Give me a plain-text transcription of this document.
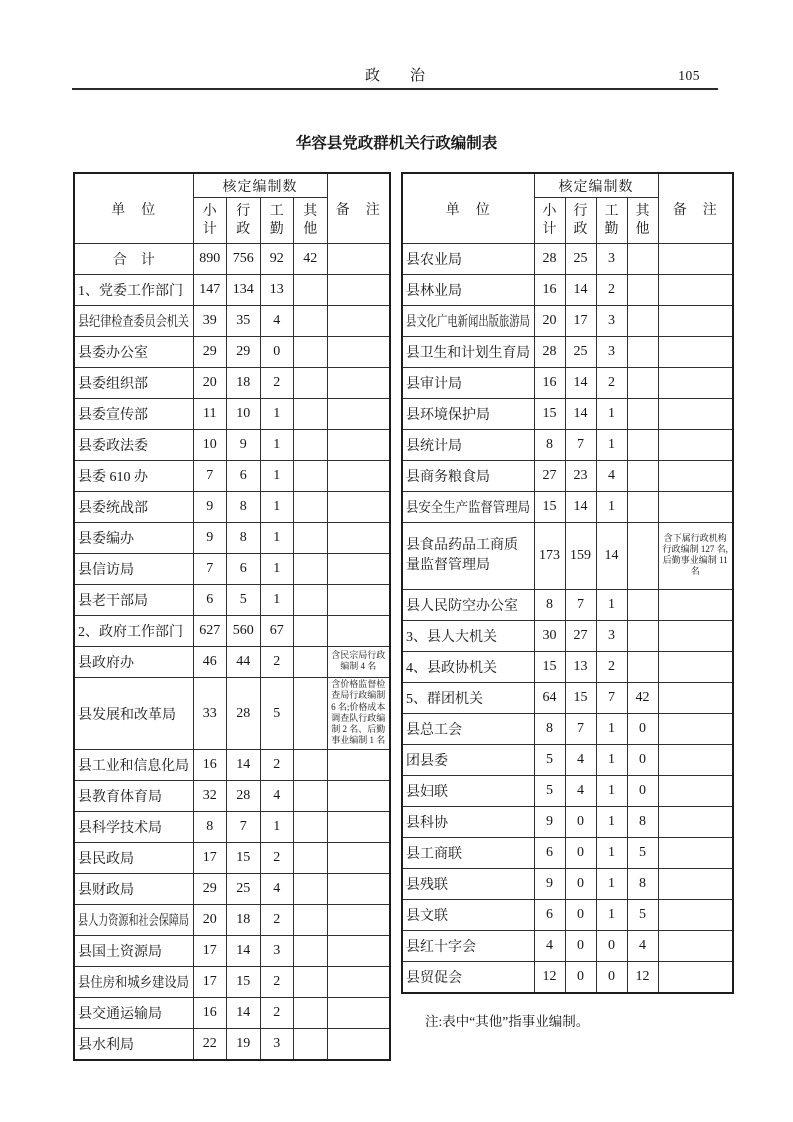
政　　治	105
华容县党政群机关行政编制表
单　位	核定编制数				备　注
	小计	行政	工勤	其他	
合　计	890	756	92	42	
1、党委工作部门	147	134	13		
县纪律检查委员会机关	39	35	4		
县委办公室	29	29	0		
县委组织部	20	18	2		
县委宣传部	11	10	1		
县委政法委	10	9	1		
县委 610 办	7	6	1		
县委统战部	9	8	1		
县委编办	9	8	1		
县信访局	7	6	1		
县老干部局	6	5	1		
2、政府工作部门	627	560	67		
县政府办	46	44	2		含民宗局行政编制 4 名
县发展和改革局	33	28	5		含价格监督检查局行政编制 6 名;价格成本调查队行政编制 2 名、后勤事业编制 1 名
县工业和信息化局	16	14	2		
县教育体育局	32	28	4		
县科学技术局	8	7	1		
县民政局	17	15	2		
县财政局	29	25	4		
县人力资源和社会保障局	20	18	2		
县国土资源局	17	14	3		
县住房和城乡建设局	17	15	2		
县交通运输局	16	14	2		
县水利局	22	19	3		
单　位	核定编制数				备　注
	小计	行政	工勤	其他	
县农业局	28	25	3		
县林业局	16	14	2		
县文化广电新闻出版旅游局	20	17	3		
县卫生和计划生育局	28	25	3		
县审计局	16	14	2		
县环境保护局	15	14	1		
县统计局	8	7	1		
县商务粮食局	27	23	4		
县安全生产监督管理局	15	14	1		
县食品药品工商质量监督管理局	173	159	14		含下属行政机构行政编制 127 名,后勤事业编制 11 名
县人民防空办公室	8	7	1		
3、县人大机关	30	27	3		
4、县政协机关	15	13	2		
5、群团机关	64	15	7	42	
县总工会	8	7	1	0	
团县委	5	4	1	0	
县妇联	5	4	1	0	
县科协	9	0	1	8	
县工商联	6	0	1	5	
县残联	9	0	1	8	
县文联	6	0	1	5	
县红十字会	4	0	0	4	
县贸促会	12	0	0	12	
注:表中“其他”指事业编制。
